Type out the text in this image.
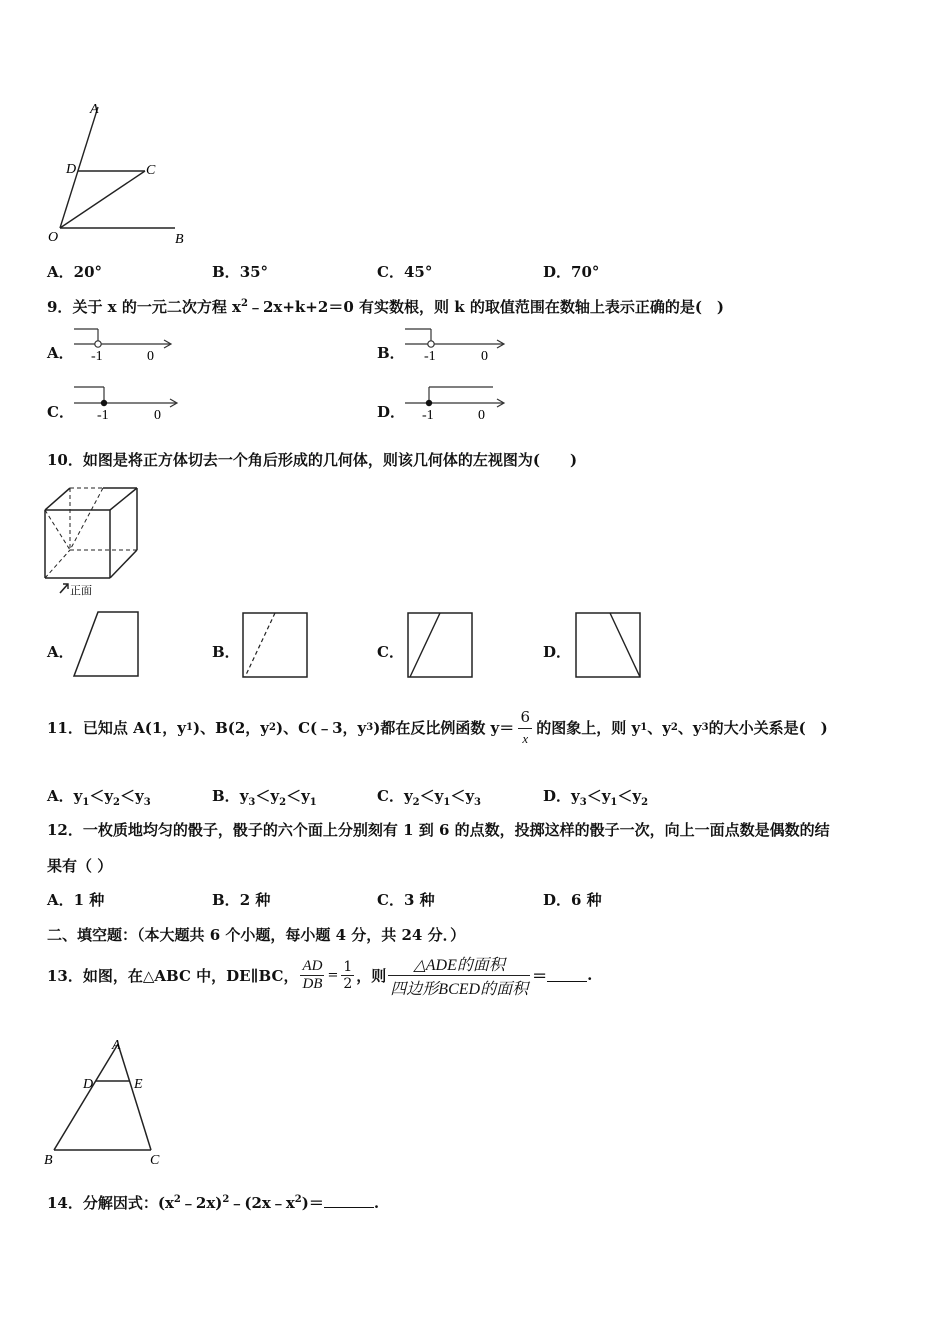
A
D	C
O	B
A．20°	B．35°	C．45°	D．70°
9．关于 x 的一元二次方程 $x^2﹣2x+k+2=0$ 有实数根，则 k 的取值范围在数轴上表示正确的是(　)
A． -1	0	B． -1	0
C． -1	0	D． -1	0
10．如图是将正方体切去一个角后形成的几何体，则该几何体的左视图为(　　)
正面
A．	B．	C．	D．
11．已知点 A(1，y 1 )、B(2，y 2 )、C(﹣3，y 3 )都在反比例函数 $y= \frac{6}{x}$ 的图象上，则 y 1 、y 2 、y 3 的大小关系是(　)
A．$y_1<y_2<y_3$	B．$y_3<y_2<y_1$	C．$y_2<y_1<y_3$	D．$y_3<y_1<y_2$
12．一枚质地均匀的骰子，骰子的六个面上分别刻有 1 到 6 的点数，投掷这样的骰子一次，向上一面点数是偶数的结
果有（ ）
A．1 种	B．2 种	C．3 种	D．6 种
二、填空题：（本大题共 6 个小题，每小题 4 分，共 24 分．）
13．如图，在△ABC 中，DE∥BC， $\frac{AD}{DB} = \frac{1}{2}$ ，则 $\frac{\text{△ADE的面积}}{\text{四边形BCED的面积}}$ ＝	.
A
D	E
B	C
14．分解因式：$(x^2﹣2x)^2﹣(2x﹣x^2)=$	.
